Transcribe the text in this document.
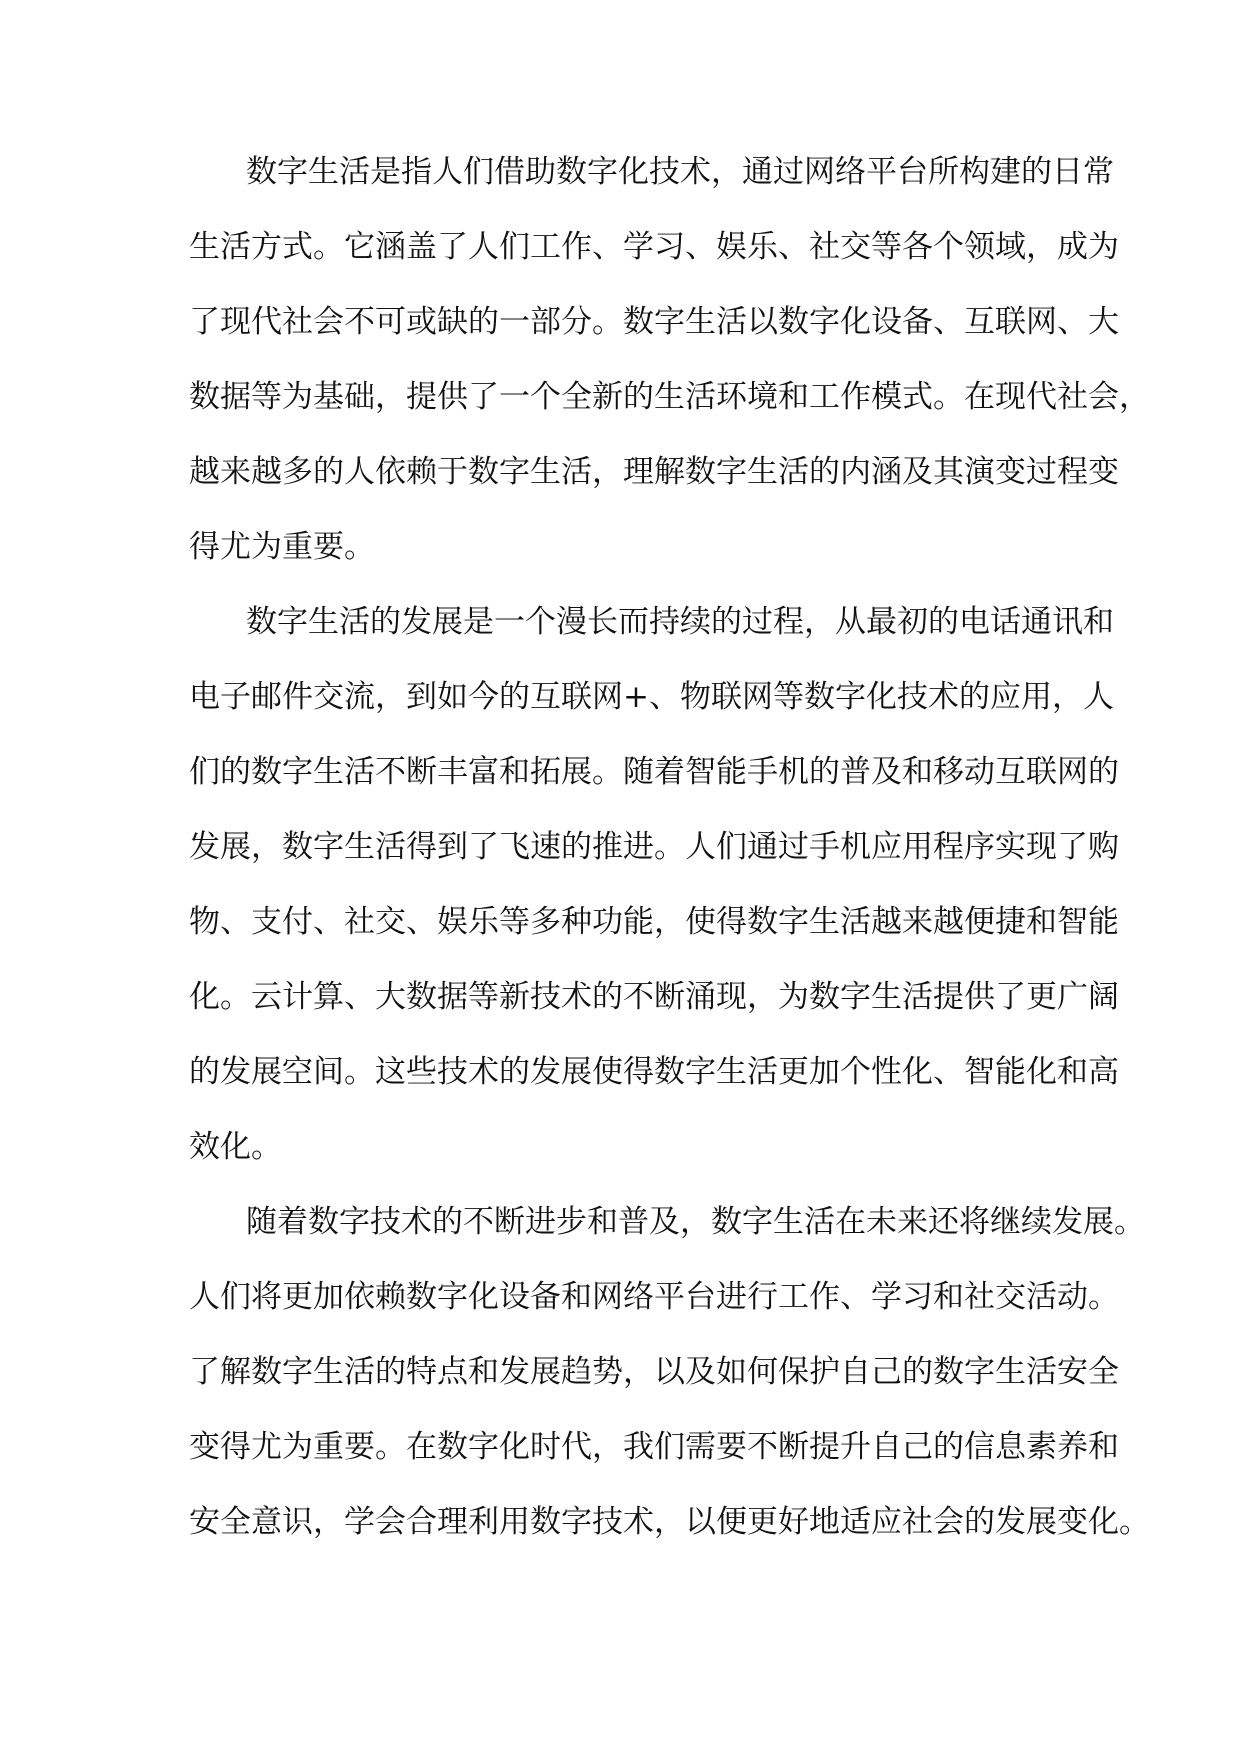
数字生活是指人们借助数字化技术，通过网络平台所构建的日常
生活方式。它涵盖了人们工作、学习、娱乐、社交等各个领域，成为
了现代社会不可或缺的一部分。数字生活以数字化设备、互联网、大
数据等为基础，提供了一个全新的生活环境和工作模式。在现代社会，
越来越多的人依赖于数字生活，理解数字生活的内涵及其演变过程变
得尤为重要。
数字生活的发展是一个漫长而持续的过程，从最初的电话通讯和
电子邮件交流，到如今的互联网+、物联网等数字化技术的应用，人
们的数字生活不断丰富和拓展。随着智能手机的普及和移动互联网的
发展，数字生活得到了飞速的推进。人们通过手机应用程序实现了购
物、支付、社交、娱乐等多种功能，使得数字生活越来越便捷和智能
化。云计算、大数据等新技术的不断涌现，为数字生活提供了更广阔
的发展空间。这些技术的发展使得数字生活更加个性化、智能化和高
效化。
随着数字技术的不断进步和普及，数字生活在未来还将继续发展。
人们将更加依赖数字化设备和网络平台进行工作、学习和社交活动。
了解数字生活的特点和发展趋势，以及如何保护自己的数字生活安全
变得尤为重要。在数字化时代，我们需要不断提升自己的信息素养和
安全意识，学会合理利用数字技术，以便更好地适应社会的发展变化。
